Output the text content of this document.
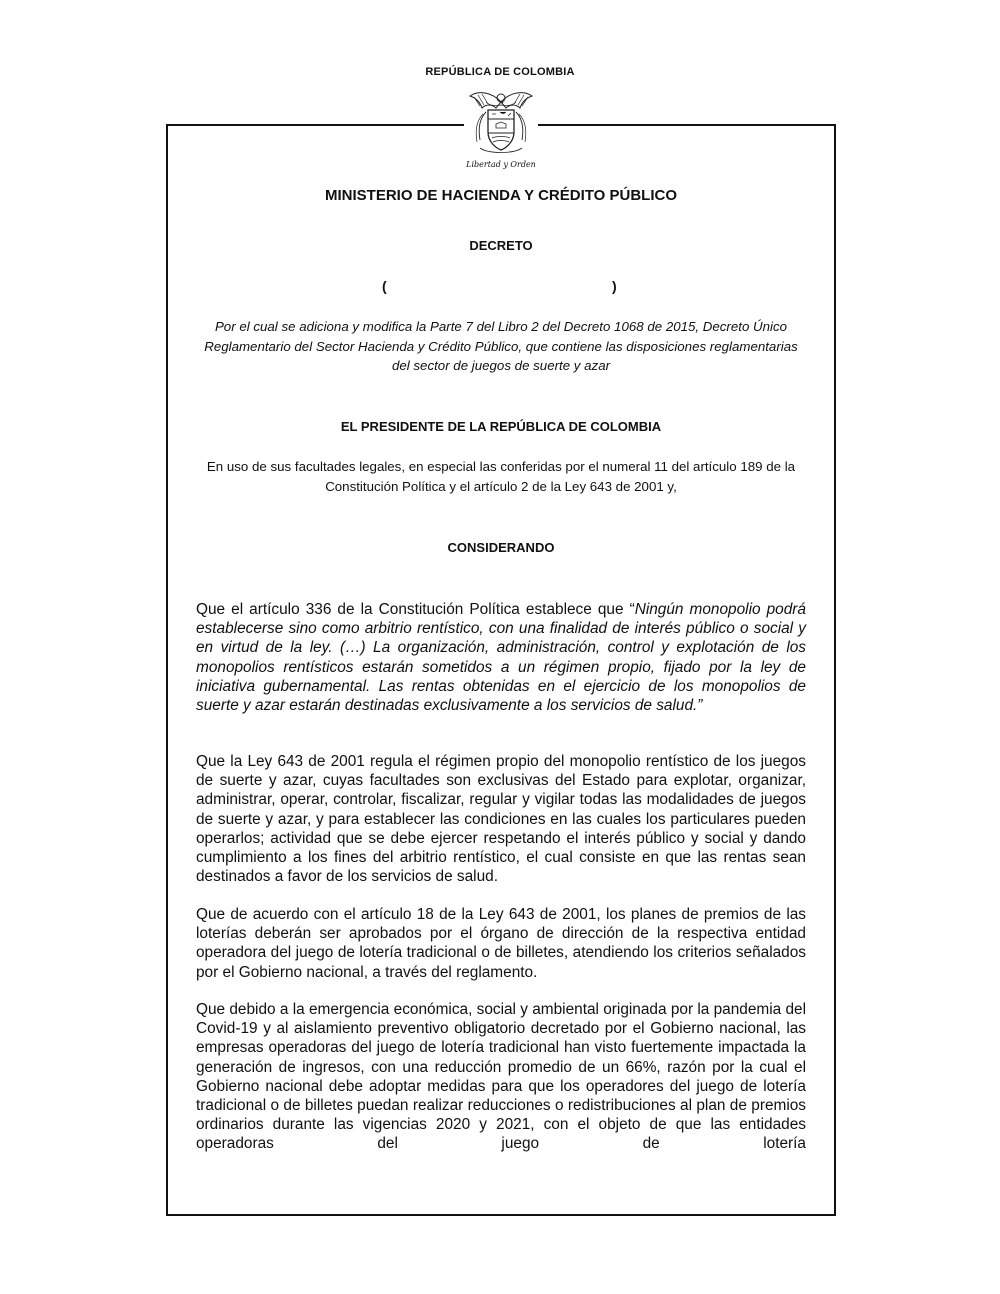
REPÚBLICA DE COLOMBIA
Libertad y Orden
MINISTERIO DE HACIENDA Y CRÉDITO PÚBLICO
DECRETO
(	)
Por el cual se adiciona y modifica la Parte 7 del Libro 2 del Decreto 1068 de 2015, Decreto Único Reglamentario del Sector Hacienda y Crédito Público, que contiene las disposiciones reglamentarias del sector de juegos de suerte y azar
EL PRESIDENTE DE LA REPÚBLICA DE COLOMBIA
En uso de sus facultades legales, en especial las conferidas por el numeral 11 del artículo 189 de la Constitución Política y el artículo 2 de la Ley 643 de 2001 y,
CONSIDERANDO
Que el artículo 336 de la Constitución Política establece que “Ningún monopolio podrá establecerse sino como arbitrio rentístico, con una finalidad de interés público o social y en virtud de la ley. (…) La organización, administración, control y explotación de los monopolios rentísticos estarán sometidos a un régimen propio, fijado por la ley de iniciativa gubernamental. Las rentas obtenidas en el ejercicio de los monopolios de suerte y azar estarán destinadas exclusivamente a los servicios de salud.”
Que la Ley 643 de 2001 regula el régimen propio del monopolio rentístico de los juegos de suerte y azar, cuyas facultades son exclusivas del Estado para explotar, organizar, administrar, operar, controlar, fiscalizar, regular y vigilar todas las modalidades de juegos de suerte y azar, y para establecer las condiciones en las cuales los particulares pueden operarlos; actividad que se debe ejercer respetando el interés público y social y dando cumplimiento a los fines del arbitrio rentístico, el cual consiste en que las rentas sean destinados a favor de los servicios de salud.
Que de acuerdo con el artículo 18 de la Ley 643 de 2001, los planes de premios de las loterías deberán ser aprobados por el órgano de dirección de la respectiva entidad operadora del juego de lotería tradicional o de billetes, atendiendo los criterios señalados por el Gobierno nacional, a través del reglamento.
Que debido a la emergencia económica, social y ambiental originada por la pandemia del Covid-19 y al aislamiento preventivo obligatorio decretado por el Gobierno nacional, las empresas operadoras del juego de lotería tradicional han visto fuertemente impactada la generación de ingresos, con una reducción promedio de un 66%, razón por la cual el Gobierno nacional debe adoptar medidas para que los operadores del juego de lotería tradicional o de billetes puedan realizar reducciones o redistribuciones al plan de premios ordinarios durante las vigencias 2020 y 2021, con el objeto de que las entidades operadoras del juego de lotería
